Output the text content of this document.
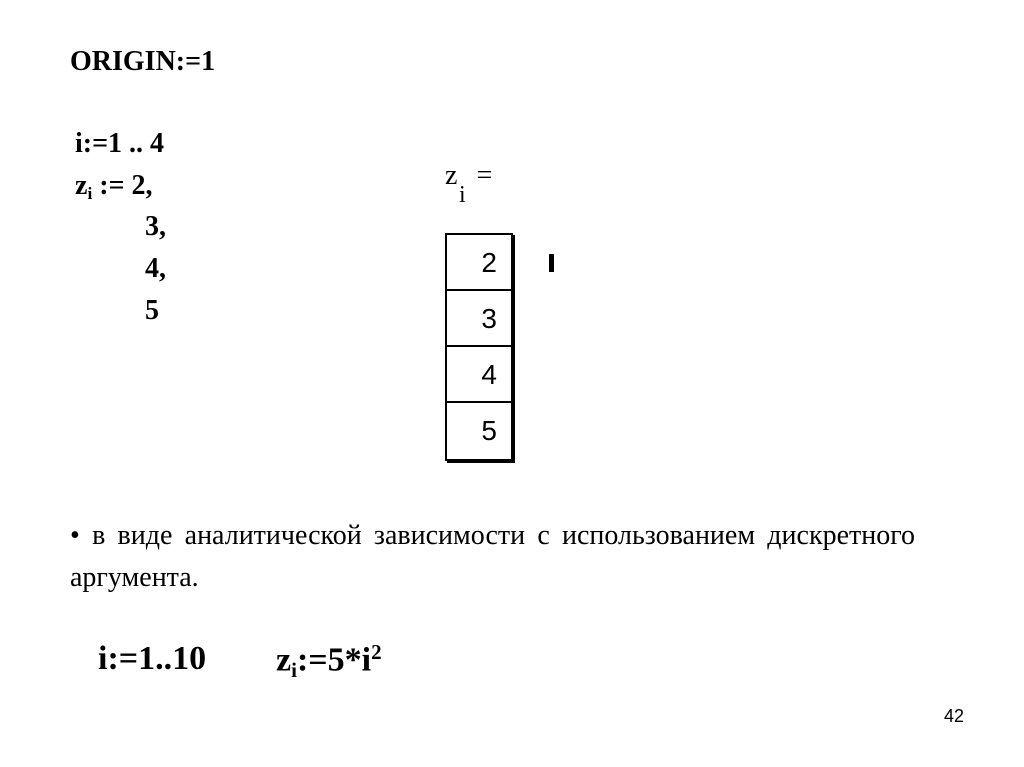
ORIGIN:=1
i:=1 .. 4
$z_i$ := 2,
3,
4,
5
z
i
=
2
3
4
5
• в виде аналитической зависимости с использованием дискретного аргумента.
i:=1..10 $z_i:=5*i^2$
42
